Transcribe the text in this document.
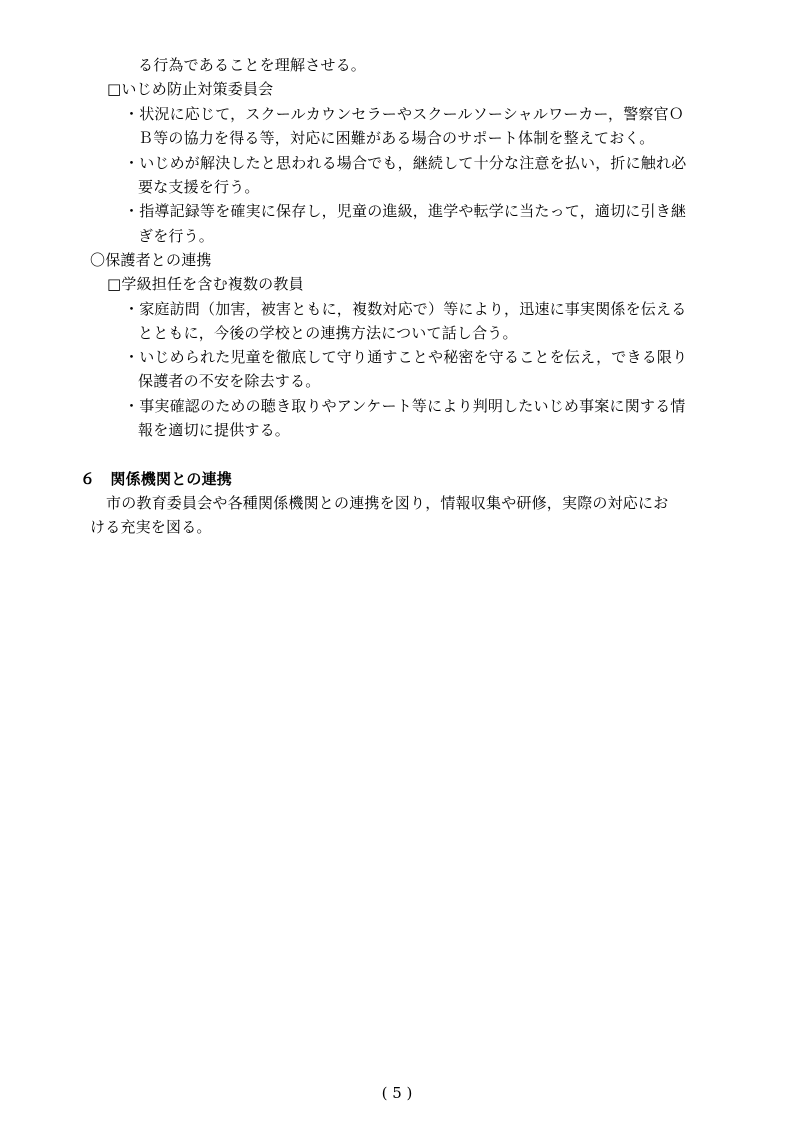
る行為であることを理解させる。
□いじめ防止対策委員会
・状況に応じて，スクールカウンセラーやスクールソーシャルワーカー，警察官Ｏ
Ｂ等の協力を得る等，対応に困難がある場合のサポート体制を整えておく。
・いじめが解決したと思われる場合でも，継続して十分な注意を払い，折に触れ必
要な支援を行う。
・指導記録等を確実に保存し，児童の進級，進学や転学に当たって，適切に引き継
ぎを行う。
〇保護者との連携
□学級担任を含む複数の教員
・家庭訪問（加害，被害ともに，複数対応で）等により，迅速に事実関係を伝える
とともに，今後の学校との連携方法について話し合う。
・いじめられた児童を徹底して守り通すことや秘密を守ることを伝え，できる限り
保護者の不安を除去する。
・事実確認のための聴き取りやアンケート等により判明したいじめ事案に関する情
報を適切に提供する。
６　関係機関との連携
市の教育委員会や各種関係機関との連携を図り，情報収集や研修，実際の対応にお
ける充実を図る。
( 5 )
